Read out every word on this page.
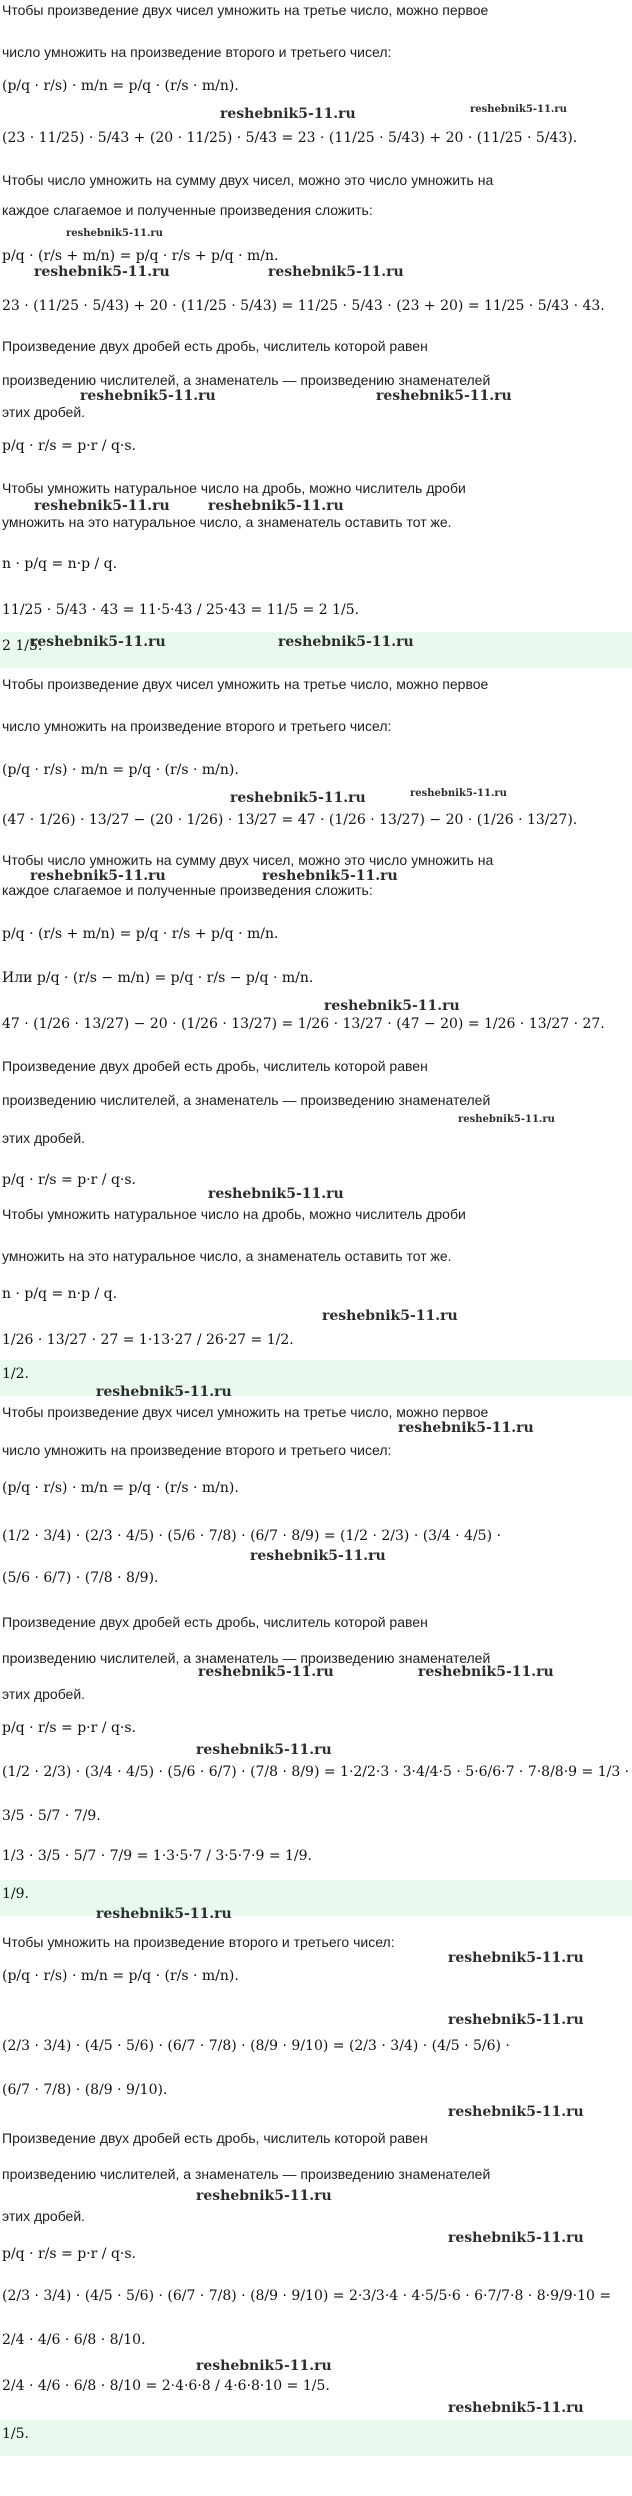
Чтобы произведение двух чисел умножить на третье число, можно первое

число умножить на произведение второго и третьего чисел:

(p/q · r/s) · m/n = p/q · (r/s · m/n).

(23 · 11/25) · 5/43 + (20 · 11/25) · 5/43 = 23 · (11/25 · 5/43) + 20 · (11/25 · 5/43).

Чтобы число умножить на сумму двух чисел, можно это число умножить на

каждое слагаемое и полученные произведения сложить:

p/q · (r/s + m/n) = p/q · r/s + p/q · m/n.

23 · (11/25 · 5/43) + 20 · (11/25 · 5/43) = 11/25 · 5/43 · (23 + 20) = 11/25 · 5/43 · 43.

Произведение двух дробей есть дробь, числитель которой равен

произведению числителей, а знаменатель — произведению знаменателей

этих дробей.

p/q · r/s = p·r / q·s.

Чтобы умножить натуральное число на дробь, можно числитель дроби

умножить на это натуральное число, а знаменатель оставить тот же.

n · p/q = n·p / q.

11/25 · 5/43 · 43 = 11·5·43 / 25·43 = 11/5 = 2 1/5.

2 1/5.

Чтобы произведение двух чисел умножить на третье число, можно первое

число умножить на произведение второго и третьего чисел:

(p/q · r/s) · m/n = p/q · (r/s · m/n).

(47 · 1/26) · 13/27 − (20 · 1/26) · 13/27 = 47 · (1/26 · 13/27) − 20 · (1/26 · 13/27).

Чтобы число умножить на сумму двух чисел, можно это число умножить на

каждое слагаемое и полученные произведения сложить:

p/q · (r/s + m/n) = p/q · r/s + p/q · m/n.

Или p/q · (r/s − m/n) = p/q · r/s − p/q · m/n.

47 · (1/26 · 13/27) − 20 · (1/26 · 13/27) = 1/26 · 13/27 · (47 − 20) = 1/26 · 13/27 · 27.

Произведение двух дробей есть дробь, числитель которой равен

произведению числителей, а знаменатель — произведению знаменателей

этих дробей.

p/q · r/s = p·r / q·s.

Чтобы умножить натуральное число на дробь, можно числитель дроби

умножить на это натуральное число, а знаменатель оставить тот же.

n · p/q = n·p / q.

1/26 · 13/27 · 27 = 1·13·27 / 26·27 = 1/2.

1/2.

Чтобы произведение двух чисел умножить на третье число, можно первое

число умножить на произведение второго и третьего чисел:

(p/q · r/s) · m/n = p/q · (r/s · m/n).

(1/2 · 3/4) · (2/3 · 4/5) · (5/6 · 7/8) · (6/7 · 8/9) = (1/2 · 2/3) · (3/4 · 4/5) ·

(5/6 · 6/7) · (7/8 · 8/9).

Произведение двух дробей есть дробь, числитель которой равен

произведению числителей, а знаменатель — произведению знаменателей

этих дробей.

p/q · r/s = p·r / q·s.

(1/2 · 2/3) · (3/4 · 4/5) · (5/6 · 6/7) · (7/8 · 8/9) = 1·2/2·3 · 3·4/4·5 · 5·6/6·7 · 7·8/8·9 = 1/3 ·

3/5 · 5/7 · 7/9.

1/3 · 3/5 · 5/7 · 7/9 = 1·3·5·7 / 3·5·7·9 = 1/9.

1/9.

Чтобы умножить на произведение второго и третьего чисел:

(p/q · r/s) · m/n = p/q · (r/s · m/n).

(2/3 · 3/4) · (4/5 · 5/6) · (6/7 · 7/8) · (8/9 · 9/10) = (2/3 · 3/4) · (4/5 · 5/6) ·

(6/7 · 7/8) · (8/9 · 9/10).

Произведение двух дробей есть дробь, числитель которой равен

произведению числителей, а знаменатель — произведению знаменателей

этих дробей.

p/q · r/s = p·r / q·s.

(2/3 · 3/4) · (4/5 · 5/6) · (6/7 · 7/8) · (8/9 · 9/10) = 2·3/3·4 · 4·5/5·6 · 6·7/7·8 · 8·9/9·10 =

2/4 · 4/6 · 6/8 · 8/10.

2/4 · 4/6 · 6/8 · 8/10 = 2·4·6·8 / 4·6·8·10 = 1/5.

1/5.

reshebnik5-11.ru	reshebnik5-11.ru
reshebnik5-11.ru
reshebnik5-11.ru	reshebnik5-11.ru
reshebnik5-11.ru	reshebnik5-11.ru
reshebnik5-11.ru	reshebnik5-11.ru
reshebnik5-11.ru	reshebnik5-11.ru
reshebnik5-11.ru	reshebnik5-11.ru
reshebnik5-11.ru	reshebnik5-11.ru
reshebnik5-11.ru
reshebnik5-11.ru
reshebnik5-11.ru
reshebnik5-11.ru
reshebnik5-11.ru
reshebnik5-11.ru
reshebnik5-11.ru
reshebnik5-11.ru	reshebnik5-11.ru
reshebnik5-11.ru
reshebnik5-11.ru
reshebnik5-11.ru
reshebnik5-11.ru
reshebnik5-11.ru
reshebnik5-11.ru
reshebnik5-11.ru
reshebnik5-11.ru
reshebnik5-11.ru
